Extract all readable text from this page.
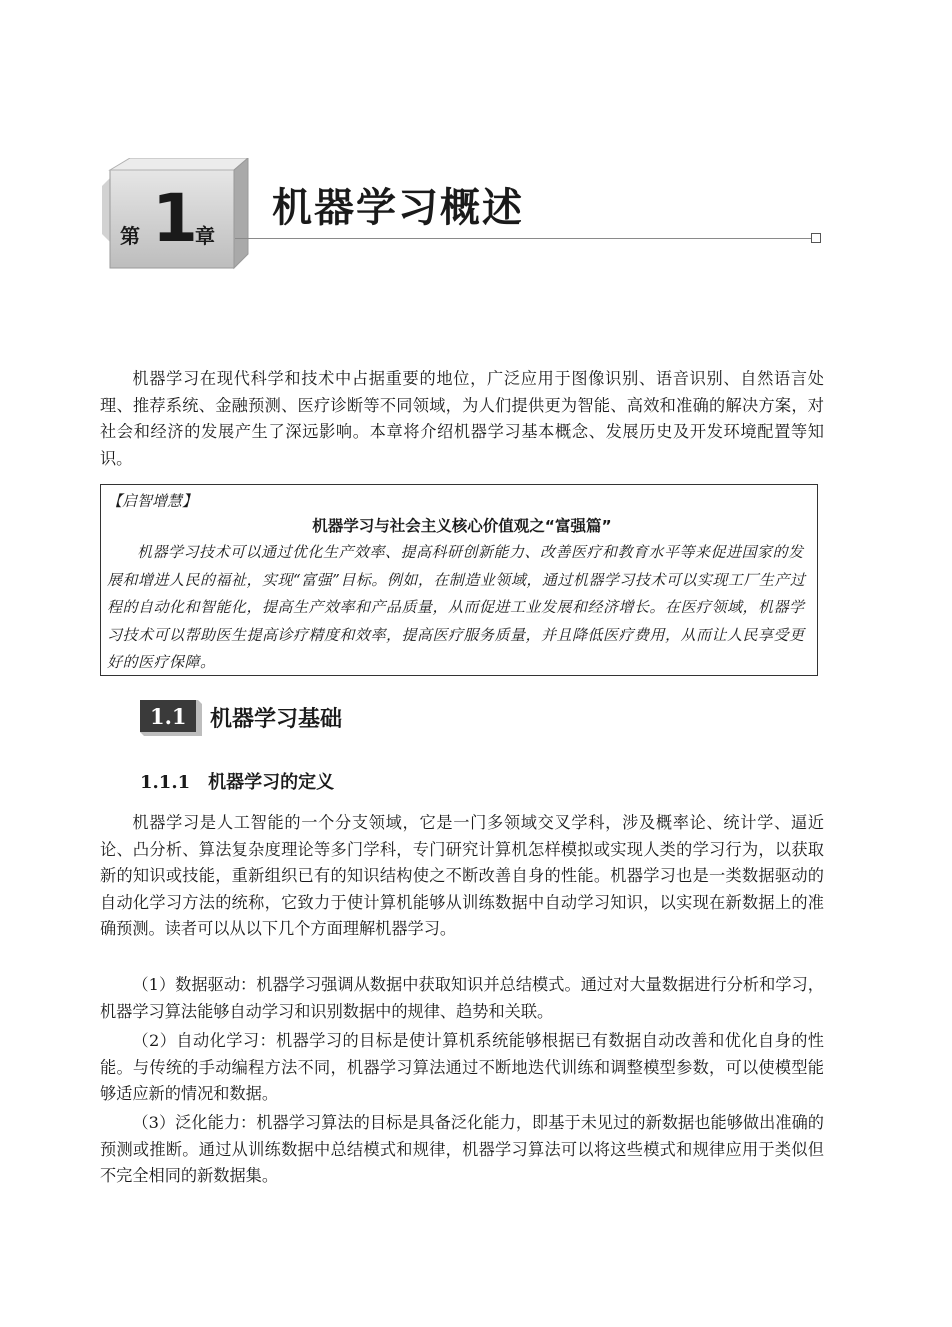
第 1 章
机器学习概述

机器学习在现代科学和技术中占据重要的地位，广泛应用于图像识别、语音识别、自然语言处理、推荐系统、金融预测、医疗诊断等不同领域，为人们提供更为智能、高效和准确的解决方案，对社会和经济的发展产生了深远影响。本章将介绍机器学习基本概念、发展历史及开发环境配置等知识。

【启智增慧】
机器学习与社会主义核心价值观之“富强篇”

机器学习技术可以通过优化生产效率、提高科研创新能力、改善医疗和教育水平等来促进国家的发展和增进人民的福祉，实现“富强”目标。例如，在制造业领域，通过机器学习技术可以实现工厂生产过程的自动化和智能化，提高生产效率和产品质量，从而促进工业发展和经济增长。在医疗领域，机器学习技术可以帮助医生提高诊疗精度和效率，提高医疗服务质量，并且降低医疗费用，从而让人民享受更好的医疗保障。

1.1 机器学习基础
1.1.1 机器学习的定义

机器学习是人工智能的一个分支领域，它是一门多领域交叉学科，涉及概率论、统计学、逼近论、凸分析、算法复杂度理论等多门学科，专门研究计算机怎样模拟或实现人类的学习行为，以获取新的知识或技能，重新组织已有的知识结构使之不断改善自身的性能。机器学习也是一类数据驱动的自动化学习方法的统称，它致力于使计算机能够从训练数据中自动学习知识，以实现在新数据上的准确预测。读者可以从以下几个方面理解机器学习。

（1）数据驱动：机器学习强调从数据中获取知识并总结模式。通过对大量数据进行分析和学习，机器学习算法能够自动学习和识别数据中的规律、趋势和关联。

（2）自动化学习：机器学习的目标是使计算机系统能够根据已有数据自动改善和优化自身的性能。与传统的手动编程方法不同，机器学习算法通过不断地迭代训练和调整模型参数，可以使模型能够适应新的情况和数据。

（3）泛化能力：机器学习算法的目标是具备泛化能力，即基于未见过的新数据也能够做出准确的预测或推断。通过从训练数据中总结模式和规律，机器学习算法可以将这些模式和规律应用于类似但不完全相同的新数据集。
